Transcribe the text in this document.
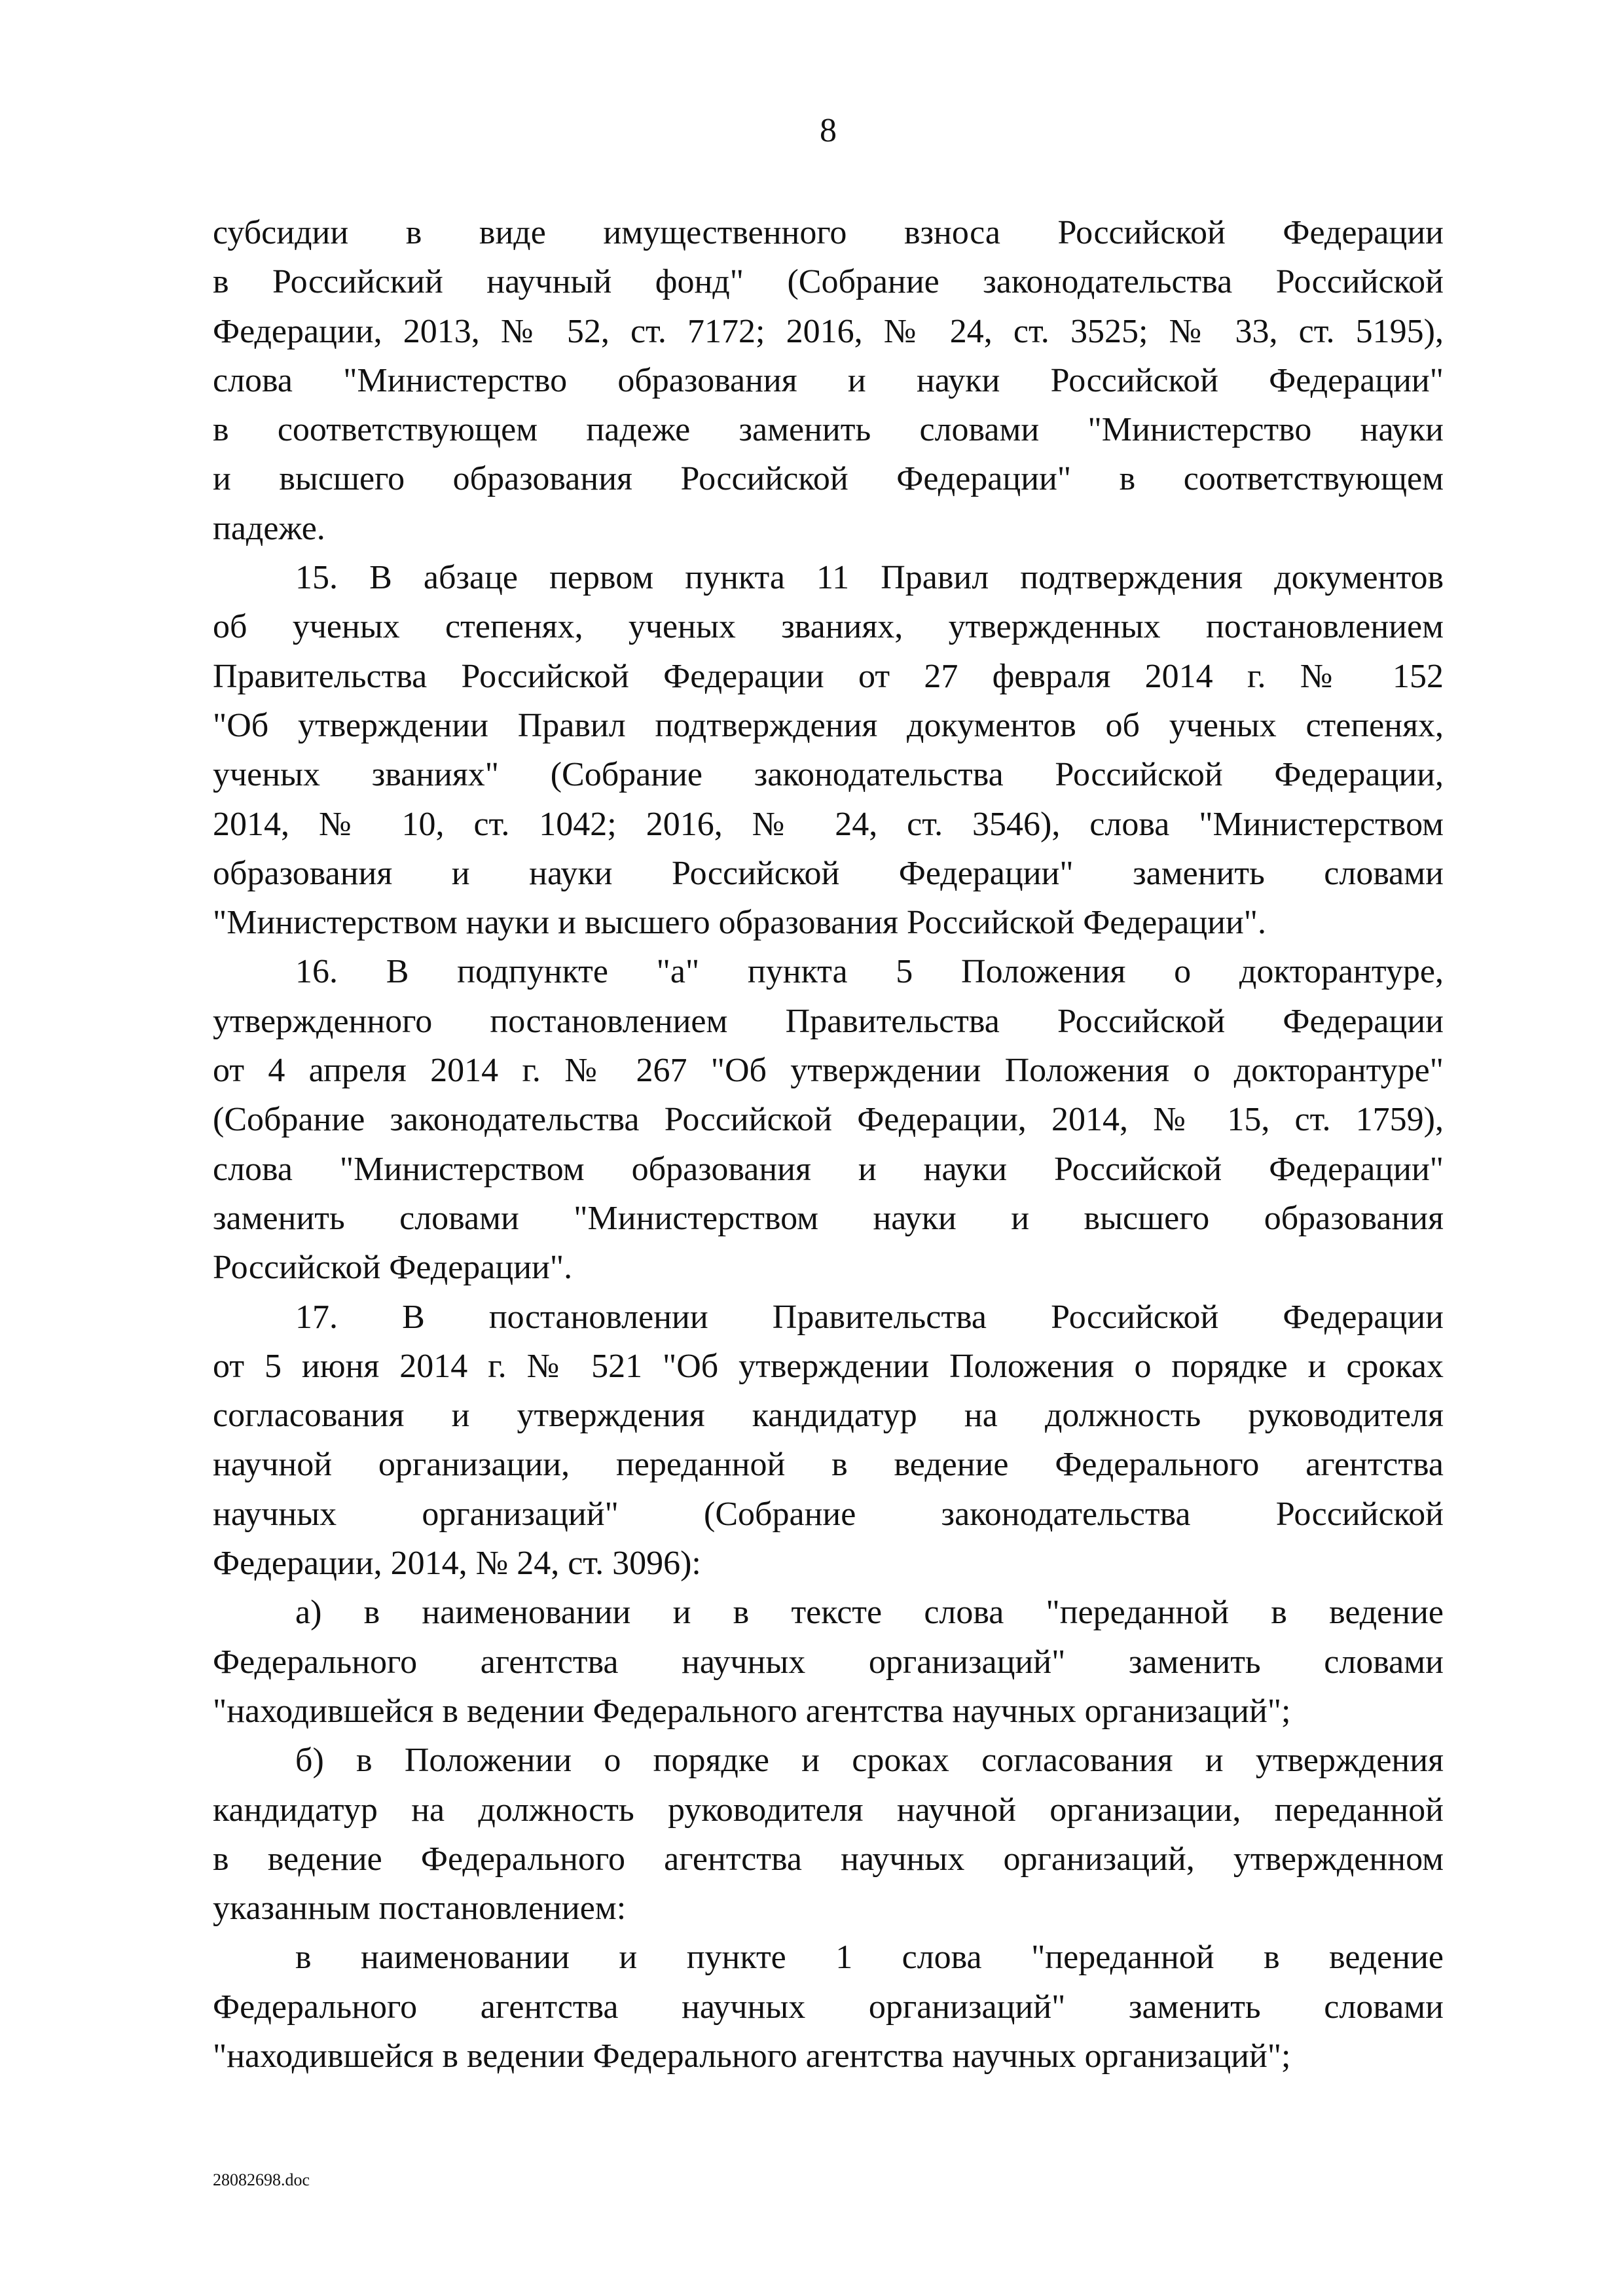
8

субсидии в виде имущественного взноса Российской Федерации
в Российский научный фонд" (Собрание законодательства Российской
Федерации, 2013, № 52, ст. 7172; 2016, № 24, ст. 3525; № 33, ст. 5195),
слова "Министерство образования и науки Российской Федерации"
в соответствующем падеже заменить словами "Министерство науки
и высшего образования Российской Федерации" в соответствующем
падеже.

15. В абзаце первом пункта 11 Правил подтверждения документов
об ученых степенях, ученых званиях, утвержденных постановлением
Правительства Российской Федерации от 27 февраля 2014 г. № 152
"Об утверждении Правил подтверждения документов об ученых степенях,
ученых званиях" (Собрание законодательства Российской Федерации,
2014, № 10, ст. 1042; 2016, № 24, ст. 3546), слова "Министерством
образования и науки Российской Федерации" заменить словами
"Министерством науки и высшего образования Российской Федерации".

16. В подпункте "а" пункта 5 Положения о докторантуре,
утвержденного постановлением Правительства Российской Федерации
от 4 апреля 2014 г. № 267 "Об утверждении Положения о докторантуре"
(Собрание законодательства Российской Федерации, 2014, № 15, ст. 1759),
слова "Министерством образования и науки Российской Федерации"
заменить словами "Министерством науки и высшего образования
Российской Федерации".

17. В постановлении Правительства Российской Федерации
от 5 июня 2014 г. № 521 "Об утверждении Положения о порядке и сроках
согласования и утверждения кандидатур на должность руководителя
научной организации, переданной в ведение Федерального агентства
научных организаций" (Собрание законодательства Российской
Федерации, 2014, № 24, ст. 3096):

а) в наименовании и в тексте слова "переданной в ведение
Федерального агентства научных организаций" заменить словами
"находившейся в ведении Федерального агентства научных организаций";

б) в Положении о порядке и сроках согласования и утверждения
кандидатур на должность руководителя научной организации, переданной
в ведение Федерального агентства научных организаций, утвержденном
указанным постановлением:

в наименовании и пункте 1 слова "переданной в ведение
Федерального агентства научных организаций" заменить словами
"находившейся в ведении Федерального агентства научных организаций";

28082698.doc
